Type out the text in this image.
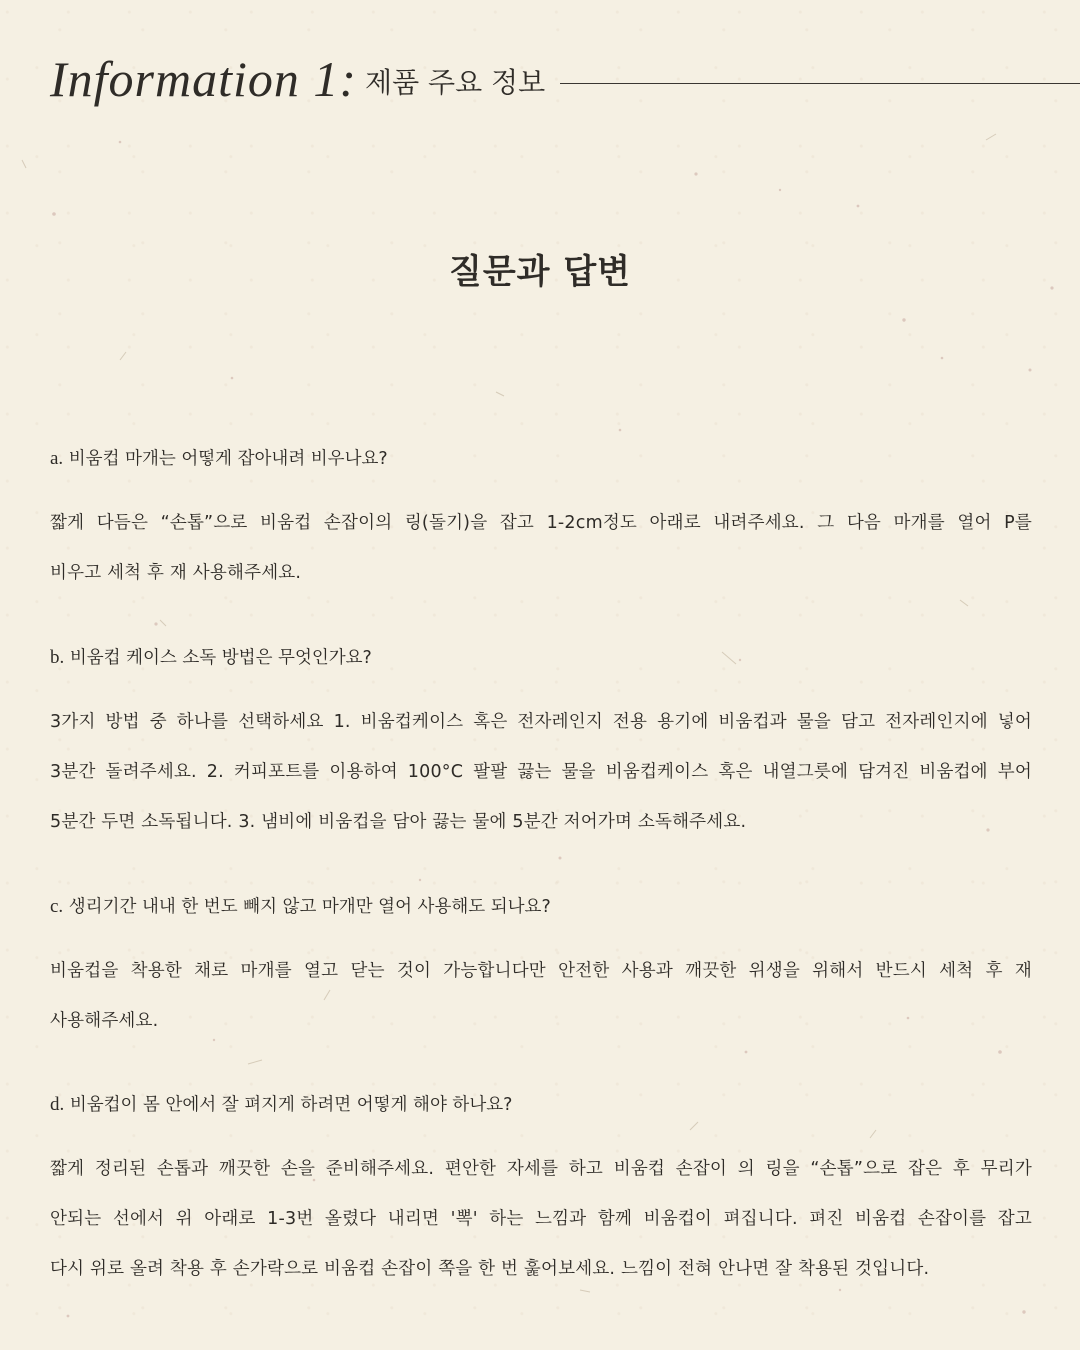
Information 1: 제품 주요 정보
질문과 답변

a. 비움컵 마개는 어떻게 잡아내려 비우나요?

짧게 다듬은 “손톱”으로 비움컵 손잡이의 링(돌기)을 잡고 1-2cm정도 아래로 내려주세요. 그 다음 마개를 열어 P를
비우고 세척 후 재 사용해주세요.

b. 비움컵 케이스 소독 방법은 무엇인가요?

3가지 방법 중 하나를 선택하세요 1. 비움컵케이스 혹은 전자레인지 전용 용기에 비움컵과 물을 담고 전자레인지에 넣어
3분간 돌려주세요. 2. 커피포트를 이용하여 100°C 팔팔 끓는 물을 비움컵케이스 혹은 내열그릇에 담겨진 비움컵에 부어
5분간 두면 소독됩니다. 3. 냄비에 비움컵을 담아 끓는 물에 5분간 저어가며 소독해주세요.

c. 생리기간 내내 한 번도 빼지 않고 마개만 열어 사용해도 되나요?

비움컵을 착용한 채로 마개를 열고 닫는 것이 가능합니다만 안전한 사용과 깨끗한 위생을 위해서 반드시 세척 후 재
사용해주세요.

d. 비움컵이 몸 안에서 잘 펴지게 하려면 어떻게 해야 하나요?

짧게 정리된 손톱과 깨끗한 손을 준비해주세요. 편안한 자세를 하고 비움컵 손잡이 의 링을 “손톱”으로 잡은 후 무리가
안되는 선에서 위 아래로 1-3번 올렸다 내리면 '뽁' 하는 느낌과 함께 비움컵이 펴집니다. 펴진 비움컵 손잡이를 잡고
다시 위로 올려 착용 후 손가락으로 비움컵 손잡이 쪽을 한 번 훑어보세요. 느낌이 전혀 안나면 잘 착용된 것입니다.
